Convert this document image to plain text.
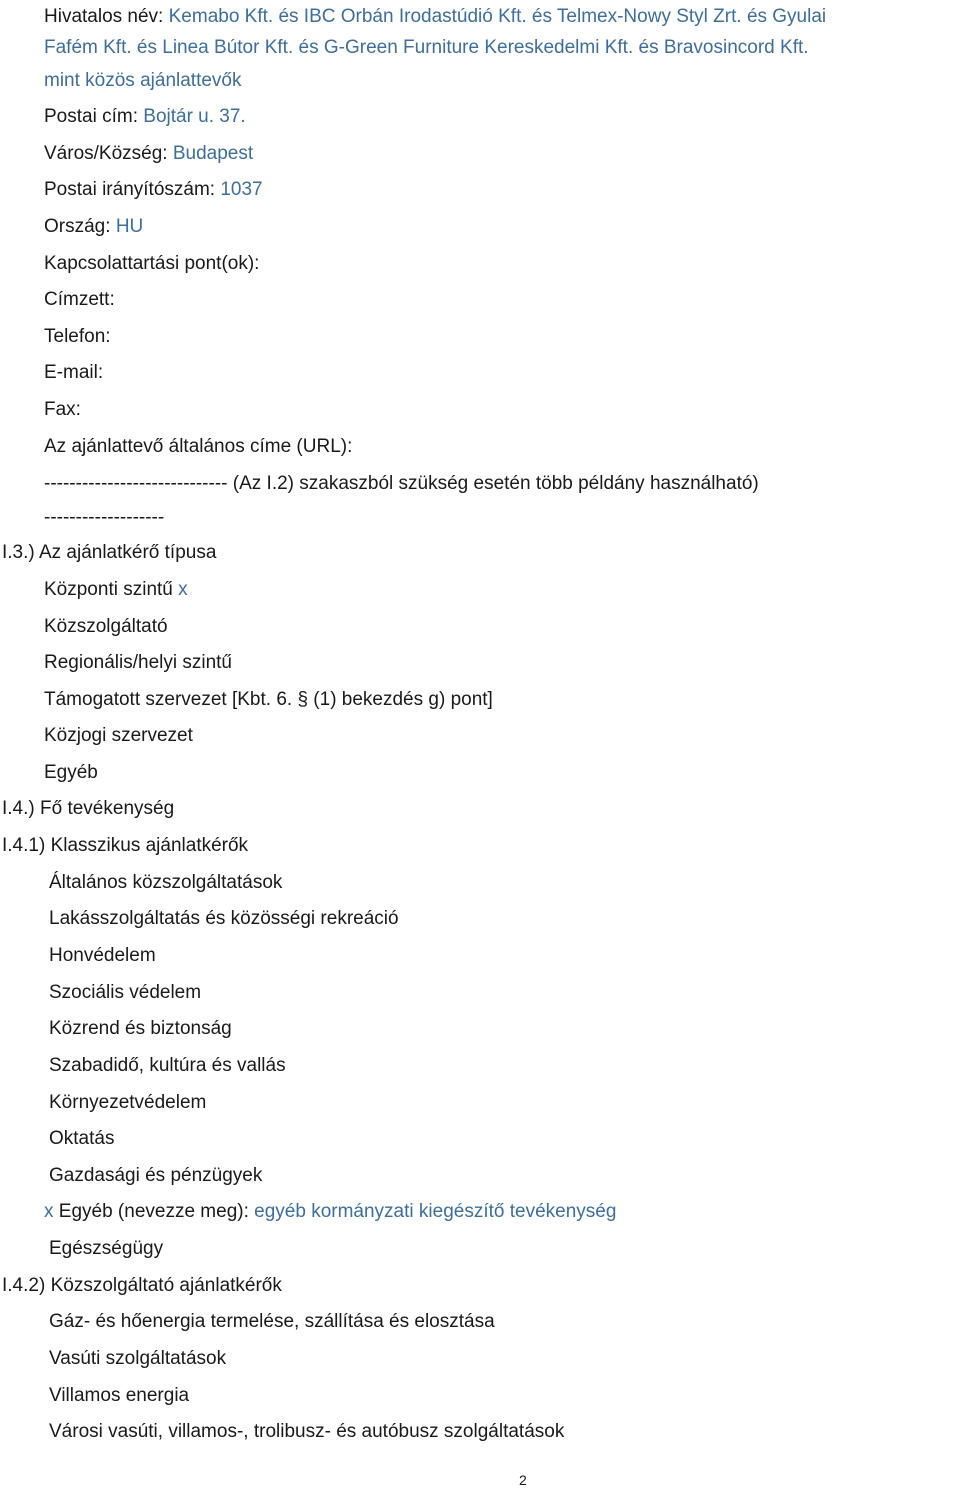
Hivatalos név: Kemabo Kft. és IBC Orbán Irodastúdió Kft. és Telmex-Nowy Styl Zrt. és Gyulai
Fafém Kft. és Linea Bútor Kft. és G-Green Furniture Kereskedelmi Kft. és Bravosincord Kft.
mint közös ajánlattevők
Postai cím: Bojtár u. 37.
Város/Község: Budapest
Postai irányítószám: 1037
Ország: HU
Kapcsolattartási pont(ok):
Címzett:
Telefon:
E-mail:
Fax:
Az ajánlattevő általános címe (URL):
----------------------------- (Az I.2) szakaszból szükség esetén több példány használható)
-------------------
I.3.) Az ajánlatkérő típusa
Központi szintű x
Közszolgáltató
Regionális/helyi szintű
Támogatott szervezet [Kbt. 6. § (1) bekezdés g) pont]
Közjogi szervezet
Egyéb
I.4.) Fő tevékenység
I.4.1) Klasszikus ajánlatkérők
Általános közszolgáltatások
Lakásszolgáltatás és közösségi rekreáció
Honvédelem
Szociális védelem
Közrend és biztonság
Szabadidő, kultúra és vallás
Környezetvédelem
Oktatás
Gazdasági és pénzügyek
x Egyéb (nevezze meg): egyéb kormányzati kiegészítő tevékenység
Egészségügy
I.4.2) Közszolgáltató ajánlatkérők
Gáz- és hőenergia termelése, szállítása és elosztása
Vasúti szolgáltatások
Villamos energia
Városi vasúti, villamos-, trolibusz- és autóbusz szolgáltatások
2
